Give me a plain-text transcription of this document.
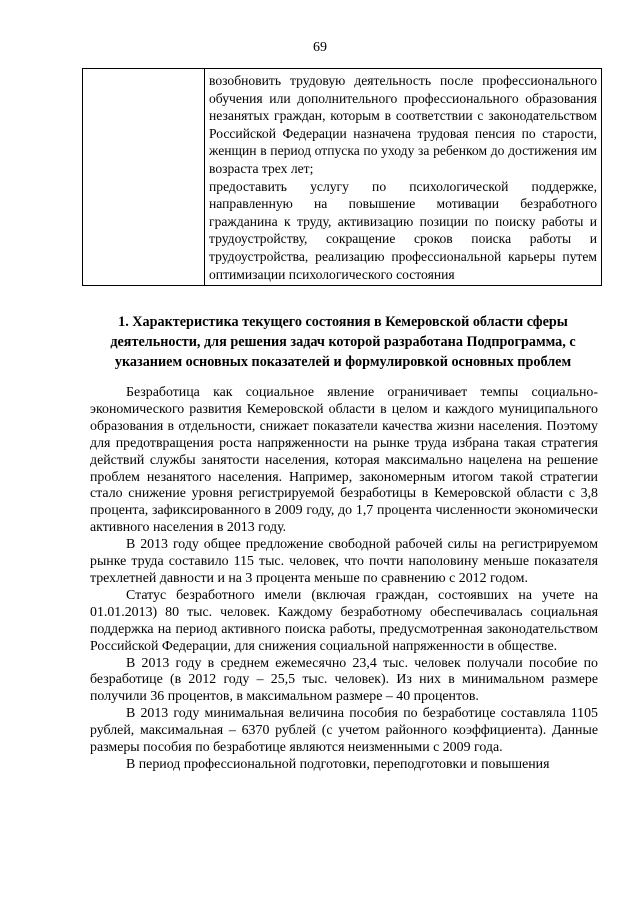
69

возобновить трудовую деятельность после профессионального обучения или дополнительного профессионального образования незанятых граждан, которым в соответствии с законодательством Российской Федерации назначена трудовая пенсия по старости, женщин в период отпуска по уходу за ребенком до достижения им возраста трех лет;

предоставить услугу по психологической поддержке, направленную на повышение мотивации безработного гражданина к труду, активизацию позиции по поиску работы и трудоустройству, сокращение сроков поиска работы и трудоустройства, реализацию профессиональной карьеры путем оптимизации психологического состояния

1. Характеристика текущего состояния в Кемеровской области сферы деятельности, для решения задач которой разработана Подпрограмма, с указанием основных показателей и формулировкой основных проблем

Безработица как социальное явление ограничивает темпы социально-экономического развития Кемеровской области в целом и каждого муниципального образования в отдельности, снижает показатели качества жизни населения. Поэтому для предотвращения роста напряженности на рынке труда избрана такая стратегия действий службы занятости населения, которая максимально нацелена на решение проблем незанятого населения. Например, закономерным итогом такой стратегии стало снижение уровня регистрируемой безработицы в Кемеровской области с 3,8 процента, зафиксированного в 2009 году, до 1,7 процента численности экономически активного населения в 2013 году.

В 2013 году общее предложение свободной рабочей силы на регистрируемом рынке труда составило 115 тыс. человек, что почти наполовину меньше показателя трехлетней давности и на 3 процента меньше по сравнению с 2012 годом.

Статус безработного имели (включая граждан, состоявших на учете на 01.01.2013) 80 тыс. человек. Каждому безработному обеспечивалась социальная поддержка на период активного поиска работы, предусмотренная законодательством Российской Федерации, для снижения социальной напряженности в обществе.

В 2013 году в среднем ежемесячно 23,4 тыс. человек получали пособие по безработице (в 2012 году – 25,5 тыс. человек). Из них в минимальном размере получили 36 процентов, в максимальном размере – 40 процентов.

В 2013 году минимальная величина пособия по безработице составляла 1105 рублей, максимальная – 6370 рублей (с учетом районного коэффициента). Данные размеры пособия по безработице являются неизменными с 2009 года.

В период профессиональной подготовки, переподготовки и повышения
